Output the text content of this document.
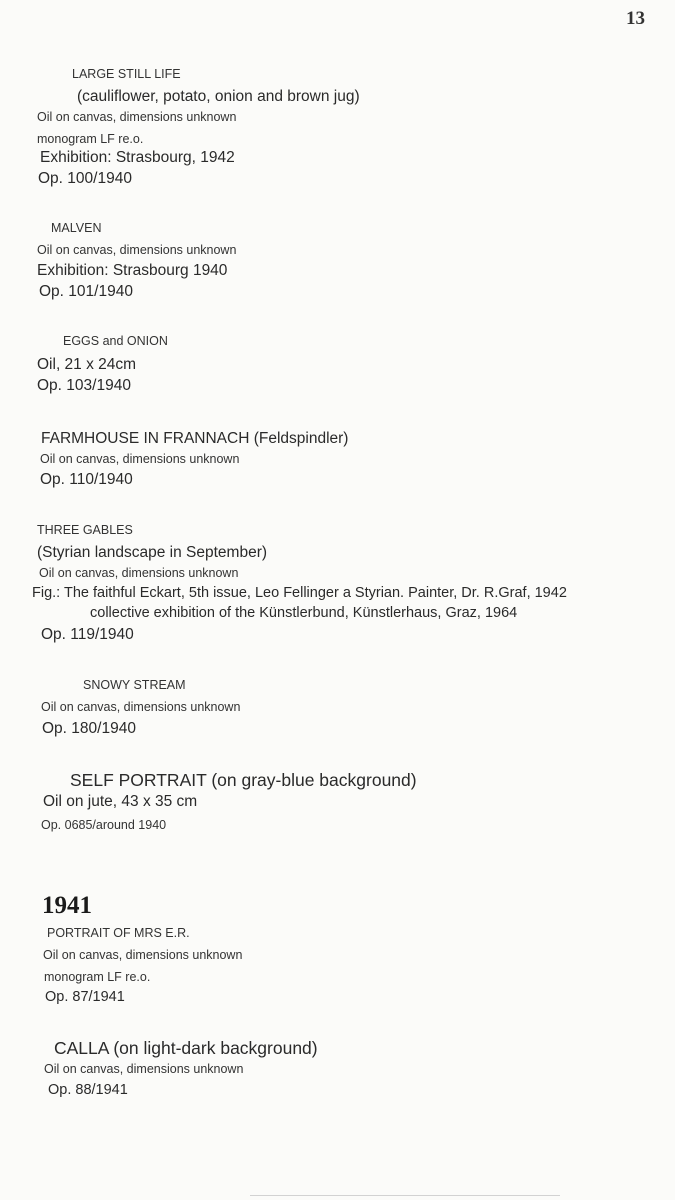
13
LARGE STILL LIFE
(cauliflower, potato, onion and brown jug)
Oil on canvas, dimensions unknown
monogram LF re.o.
Exhibition: Strasbourg, 1942
Op. 100/1940
MALVEN
Oil on canvas, dimensions unknown
Exhibition: Strasbourg 1940
Op. 101/1940
EGGS and ONION
Oil, 21 x 24cm
Op. 103/1940
FARMHOUSE IN FRANNACH (Feldspindler)
Oil on canvas, dimensions unknown
Op. 110/1940
THREE GABLES
(Styrian landscape in September)
Oil on canvas, dimensions unknown
Fig.: The faithful Eckart, 5th issue, Leo Fellinger a Styrian. Painter, Dr. R.Graf, 1942
collective exhibition of the Künstlerbund, Künstlerhaus, Graz, 1964
Op. 119/1940
SNOWY STREAM
Oil on canvas, dimensions unknown
Op. 180/1940
SELF PORTRAIT (on gray-blue background)
Oil on jute, 43 x 35 cm
Op. 0685/around 1940
1941
PORTRAIT OF MRS E.R.
Oil on canvas, dimensions unknown
monogram LF re.o.
Op. 87/1941
CALLA (on light-dark background)
Oil on canvas, dimensions unknown
Op. 88/1941
